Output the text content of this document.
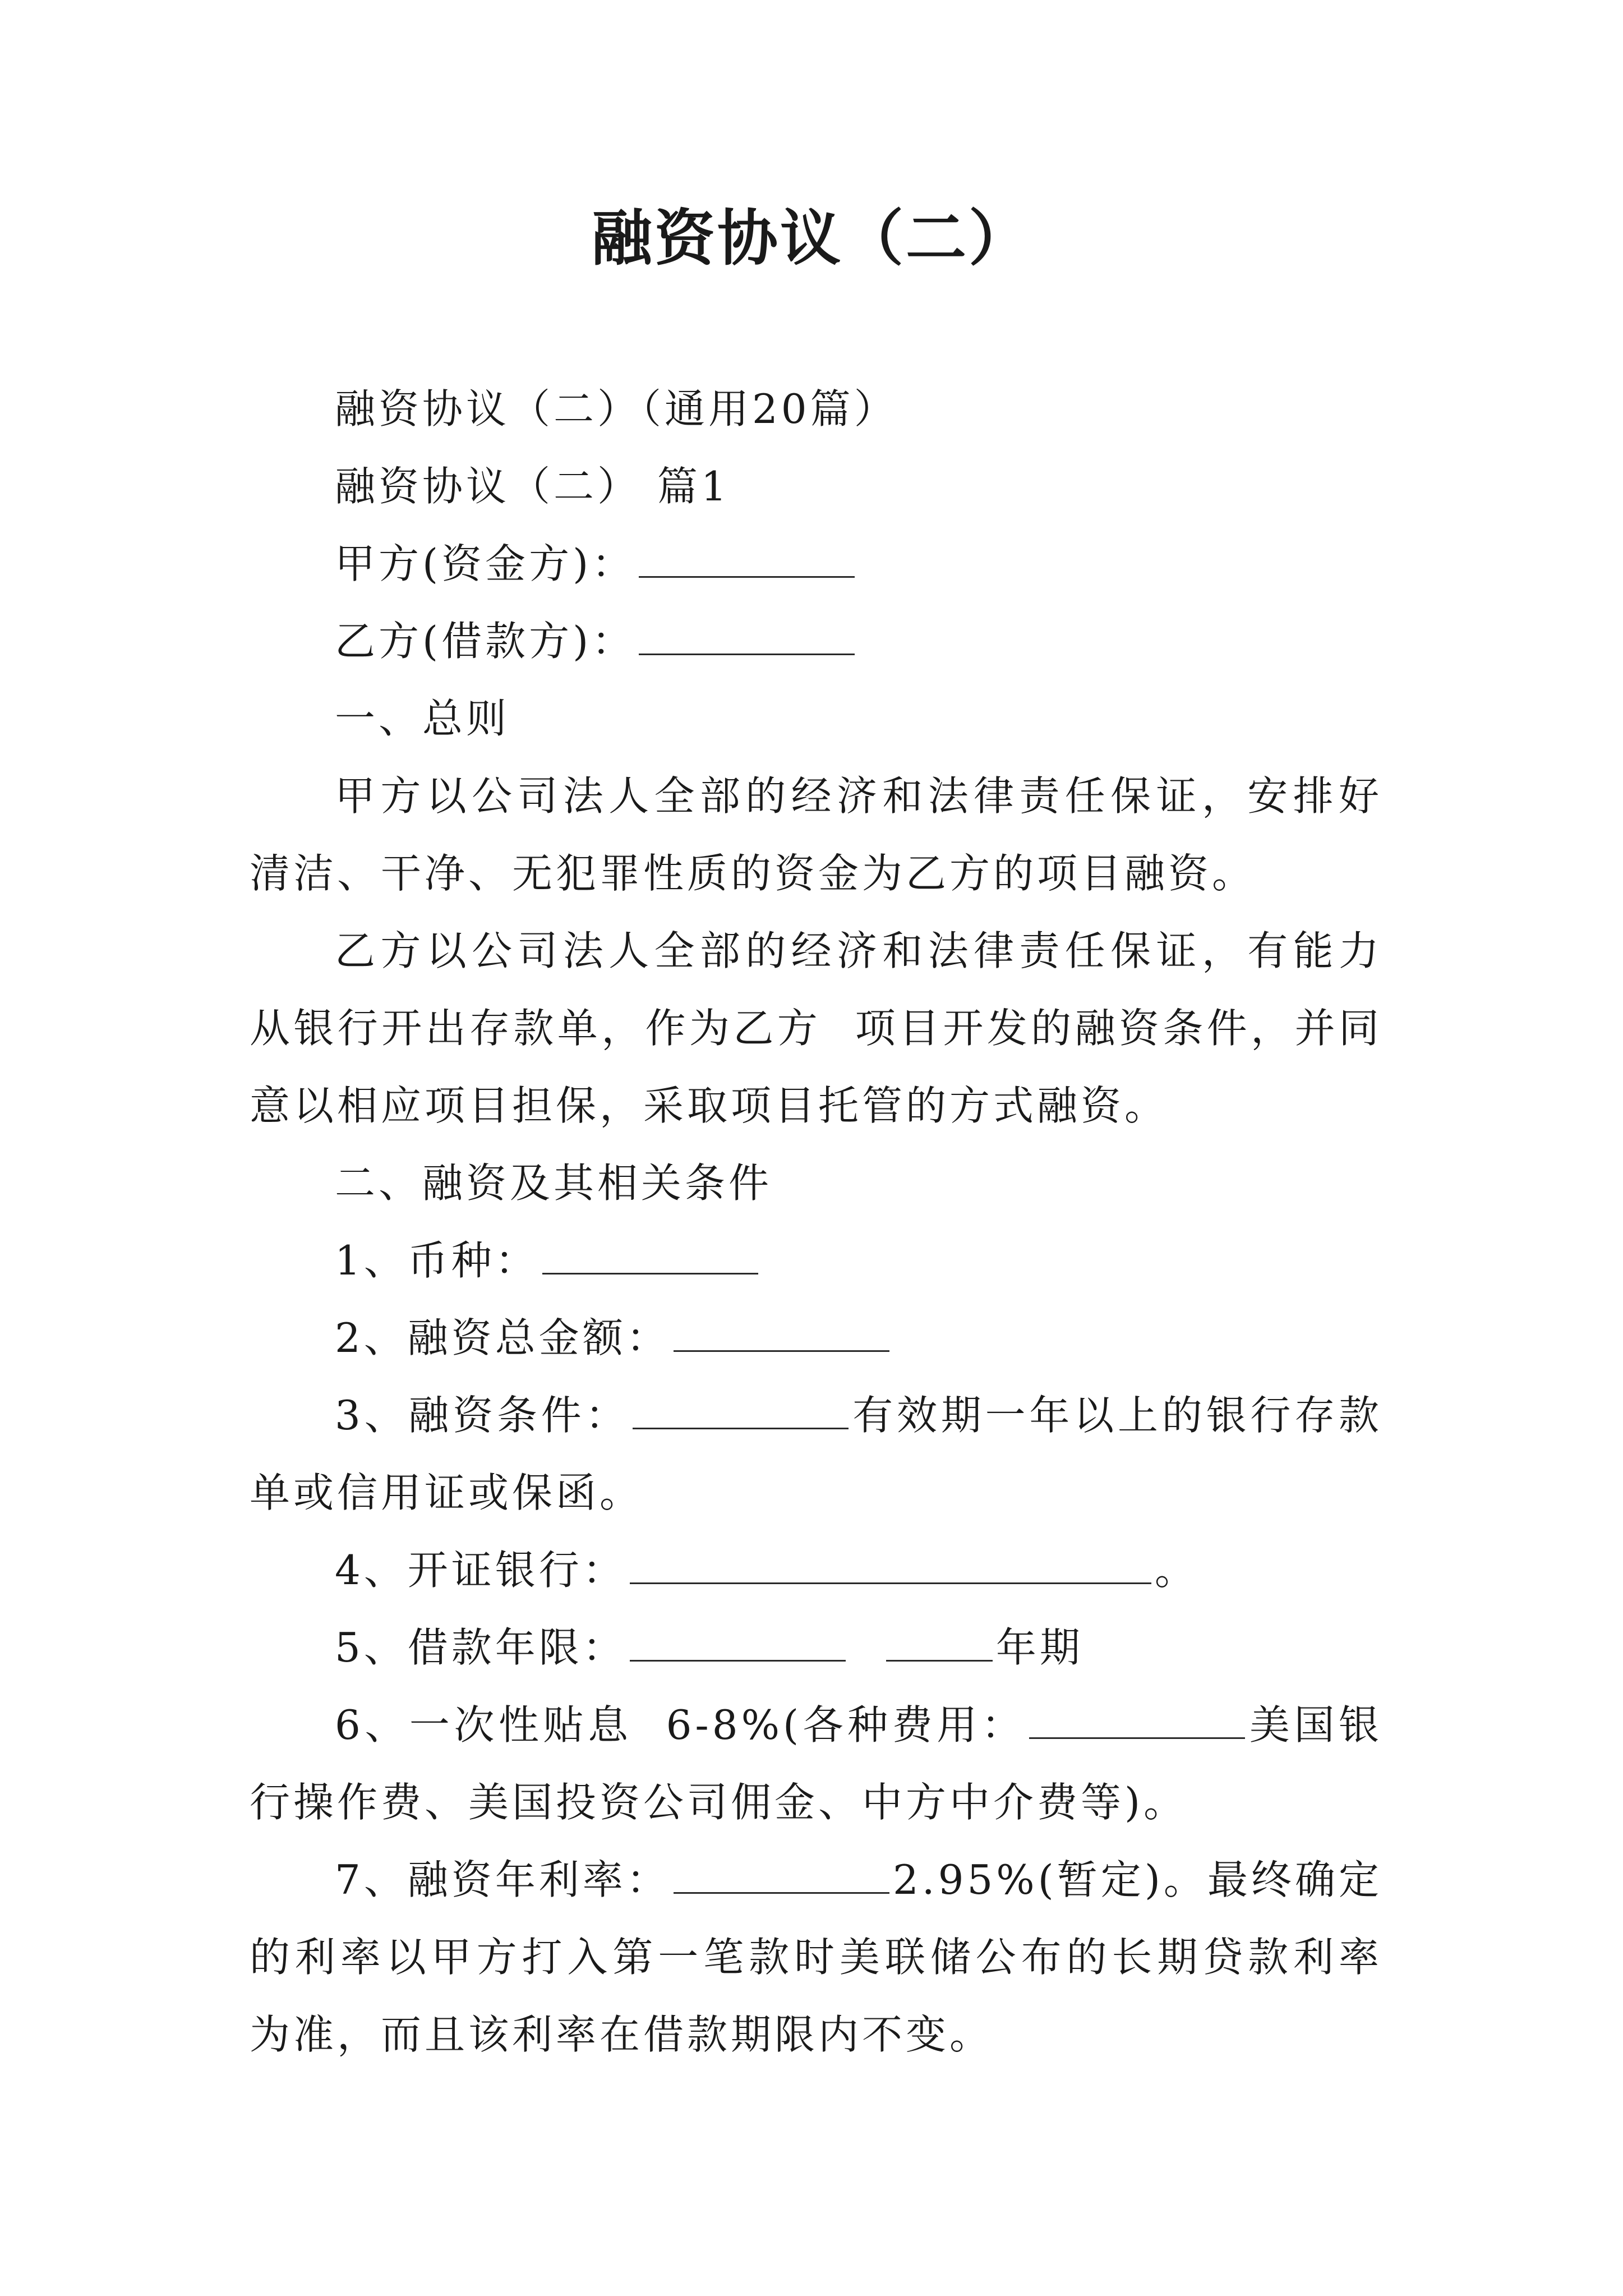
融资协议（二）

融资协议（二）（通用20篇）

融资协议（二） 篇1

甲方(资金方)：

乙方(借款方)：

一、总则

甲方以公司法人全部的经济和法律责任保证，安排好清洁、干净、无犯罪性质的资金为乙方的项目融资。

乙方以公司法人全部的经济和法律责任保证，有能力从银行开出存款单，作为乙方 项目开发的融资条件，并同意以相应项目担保，采取项目托管的方式融资。

二、融资及其相关条件

1、币种：

2、融资总金额：

3、融资条件：	有效期一年以上的银行存款单或信用证或保函。

4、开证银行：	。

5、借款年限：	年期

6、一次性贴息 6-8%(各种费用：	美国银行操作费、美国投资公司佣金、中方中介费等)。

7、融资年利率：	2.95%(暂定)。最终确定的利率以甲方打入第一笔款时美联储公布的长期贷款利率为准，而且该利率在借款期限内不变。
